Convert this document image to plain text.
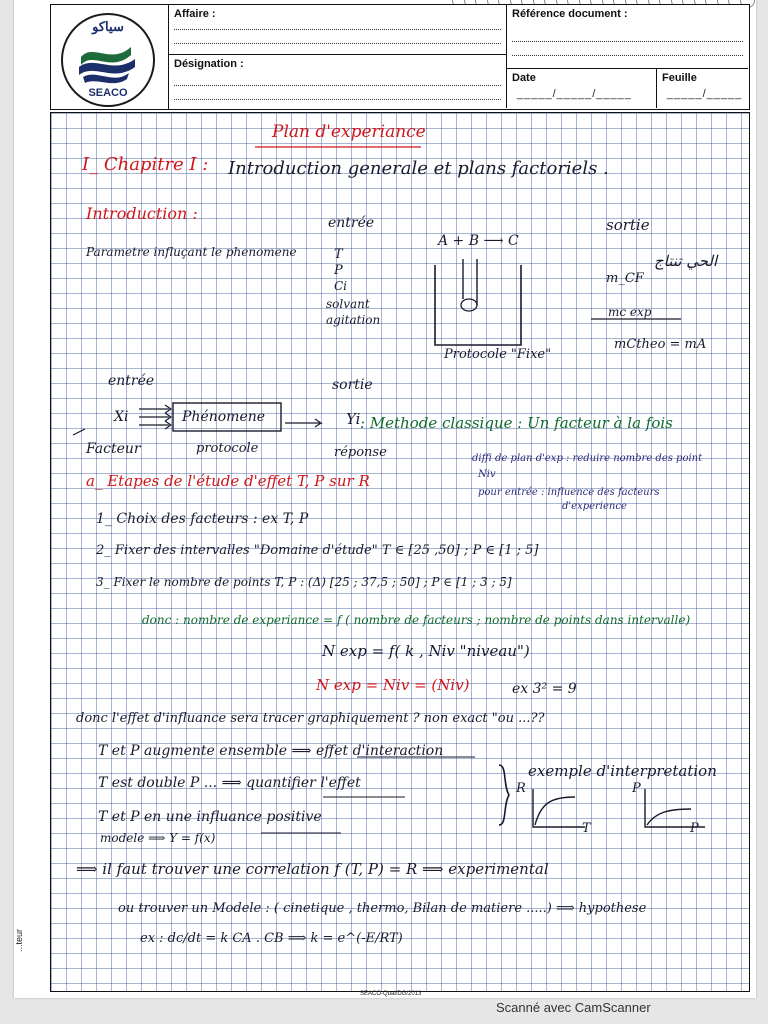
سياكو
SEACO
Affaire :
Désignation :
Référence document :
Date
_____/_____/_____
Feuille
_____/_____
Plan d'experiance
I_ Chapitre I : Introduction generale et plans factoriels .
Introduction :	entrée	sortie
Parametre influçant le phenomene
A + B ⟶ C
T
P
Ci
solvant
agitation
الحي تنتاج
m_CF
mc exp
mCtheo = mA
Protocole "Fixe"
entrée	sortie
Xi	Phénomene	Yi : Methode classique : Un facteur à la fois
Facteur	protocole	réponse
a_ Etapes de l'étude d'effet T, P sur R
diffi de plan d'exp : reduire nombre des point
Niv
pour entrée : influence des facteurs
d'experience
1_ Choix des facteurs : ex T, P
2_ Fixer des intervalles "Domaine d'étude" T ∈ [25 ,50] ; P ∈ [1 ; 5]
3_ Fixer le nombre de points T, P : (Δ) [25 ; 37,5 ; 50] ; P ∈ [1 ; 3 ; 5]
donc : nombre de experiance = f ( nombre de facteurs ; nombre de points dans intervalle)
N exp = f( k , Niv "niveau")
N exp = Niv = (Niv)	ex 3² = 9
donc l'effet d'influance sera tracer graphiquement ? non exact "ou ...??
T et P augmente ensemble ⟹ effet d'interaction
T est double P ... ⟹ quantifier l'effet
exemple d'interpretation
T et P en une influance positive
modele ⟹ Y = f(x)
⟹ il faut trouver une correlation f (T, P) = R ⟹ experimental
ou trouver un Modele : ( cinetique , thermo, Bilan de matiere .....) ⟹ hypothese
ex : dc/dt = k CA . CB ⟹ k = e^(-E/RT)
R
T
P
P
SEACO-Qual/DG/2013
...teur
Scanné avec CamScanner
